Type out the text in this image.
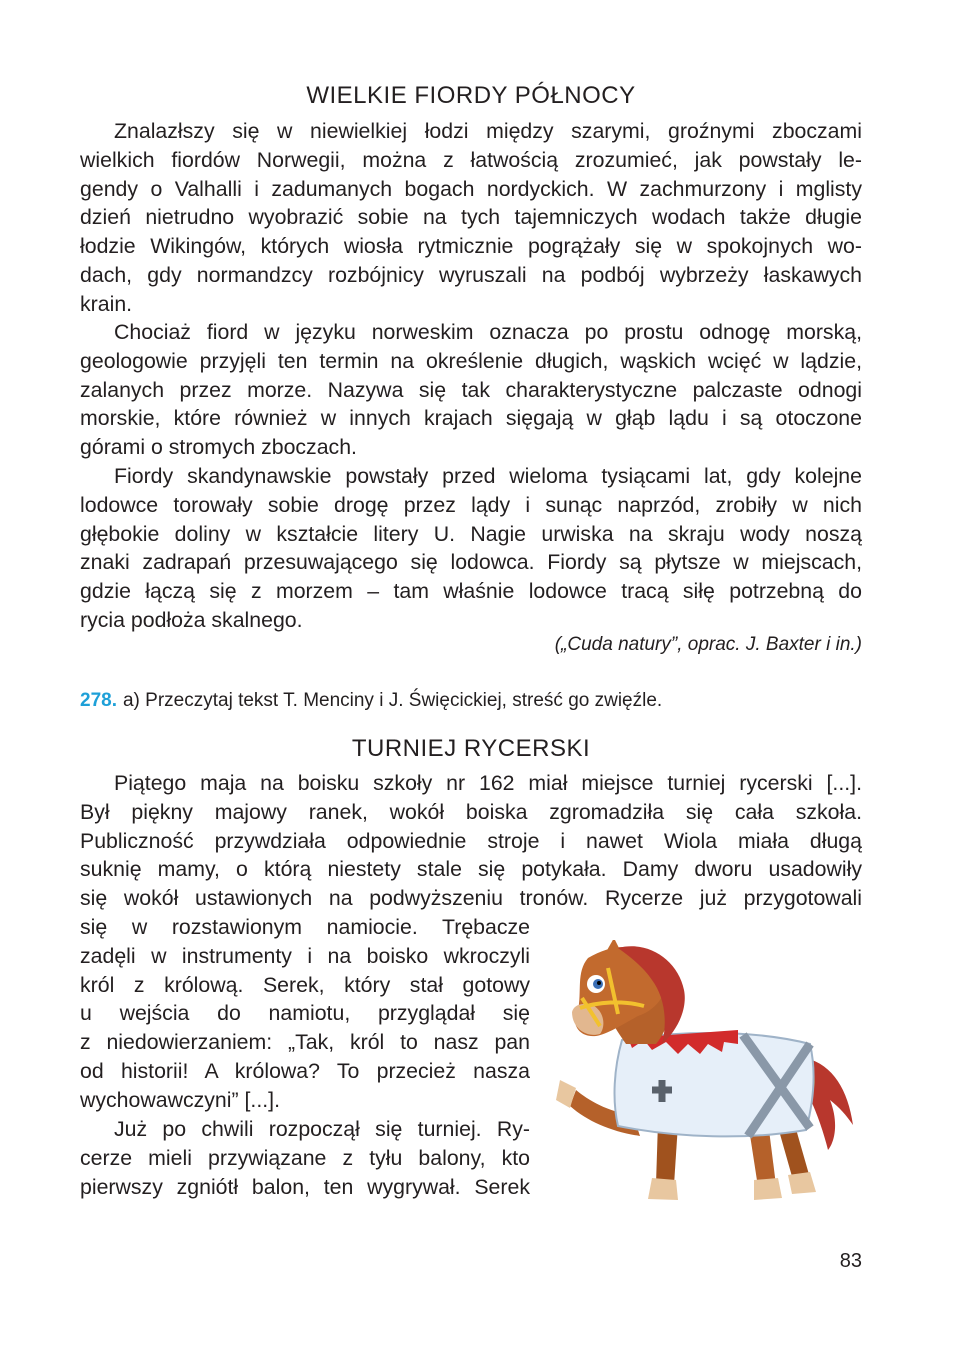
WIELKIE FIORDY PÓŁNOCY
Znalazłszy się w niewielkiej łodzi między szarymi, groźnymi zboczami
wielkich fiordów Norwegii, można z łatwością zrozumieć, jak powstały le-
gendy o Valhalli i zadumanych bogach nordyckich. W zachmurzony i mglisty
dzień nietrudno wyobrazić sobie na tych tajemniczych wodach także długie
łodzie Wikingów, których wiosła rytmicznie pogrążały się w spokojnych wo-
dach, gdy normandzcy rozbójnicy wyruszali na podbój wybrzeży łaskawych
krain.
Chociaż fiord w języku norweskim oznacza po prostu odnogę morską,
geologowie przyjęli ten termin na określenie długich, wąskich wcięć w lądzie,
zalanych przez morze. Nazywa się tak charakterystyczne palczaste odnogi
morskie, które również w innych krajach sięgają w głąb lądu i są otoczone
górami o stromych zboczach.
Fiordy skandynawskie powstały przed wieloma tysiącami lat, gdy kolejne
lodowce torowały sobie drogę przez lądy i sunąc naprzód, zrobiły w nich
głębokie doliny w kształcie litery U. Nagie urwiska na skraju wody noszą
znaki zadrapań przesuwającego się lodowca. Fiordy są płytsze w miejscach,
gdzie łączą się z morzem – tam właśnie lodowce tracą siłę potrzebną do
rycia podłoża skalnego.

(„Cuda natury”, oprac. J. Baxter i in.)

278. a) Przeczytaj tekst T. Menciny i J. Święcickiej, streść go zwięźle.

TURNIEJ RYCERSKI
Piątego maja na boisku szkoły nr 162 miał miejsce turniej rycerski [...].
Był piękny majowy ranek, wokół boiska zgromadziła się cała szkoła.
Publiczność przywdziała odpowiednie stroje i nawet Wiola miała długą
suknię mamy, o którą niestety stale się potykała. Damy dworu usadowiły
się wokół ustawionych na podwyższeniu tronów. Rycerze już przygotowali
się w rozstawionym namiocie. Trębacze
zadęli w instrumenty i na boisko wkroczyli
król z królową. Serek, który stał gotowy
u wejścia do namiotu, przyglądał się
z niedowierzaniem: „Tak, król to nasz pan
od historii! A królowa? To przecież nasza
wychowawczyni” [...].
Już po chwili rozpoczął się turniej. Ry-
cerze mieli przywiązane z tyłu balony, kto
pierwszy zgniótł balon, ten wygrywał. Serek

83
